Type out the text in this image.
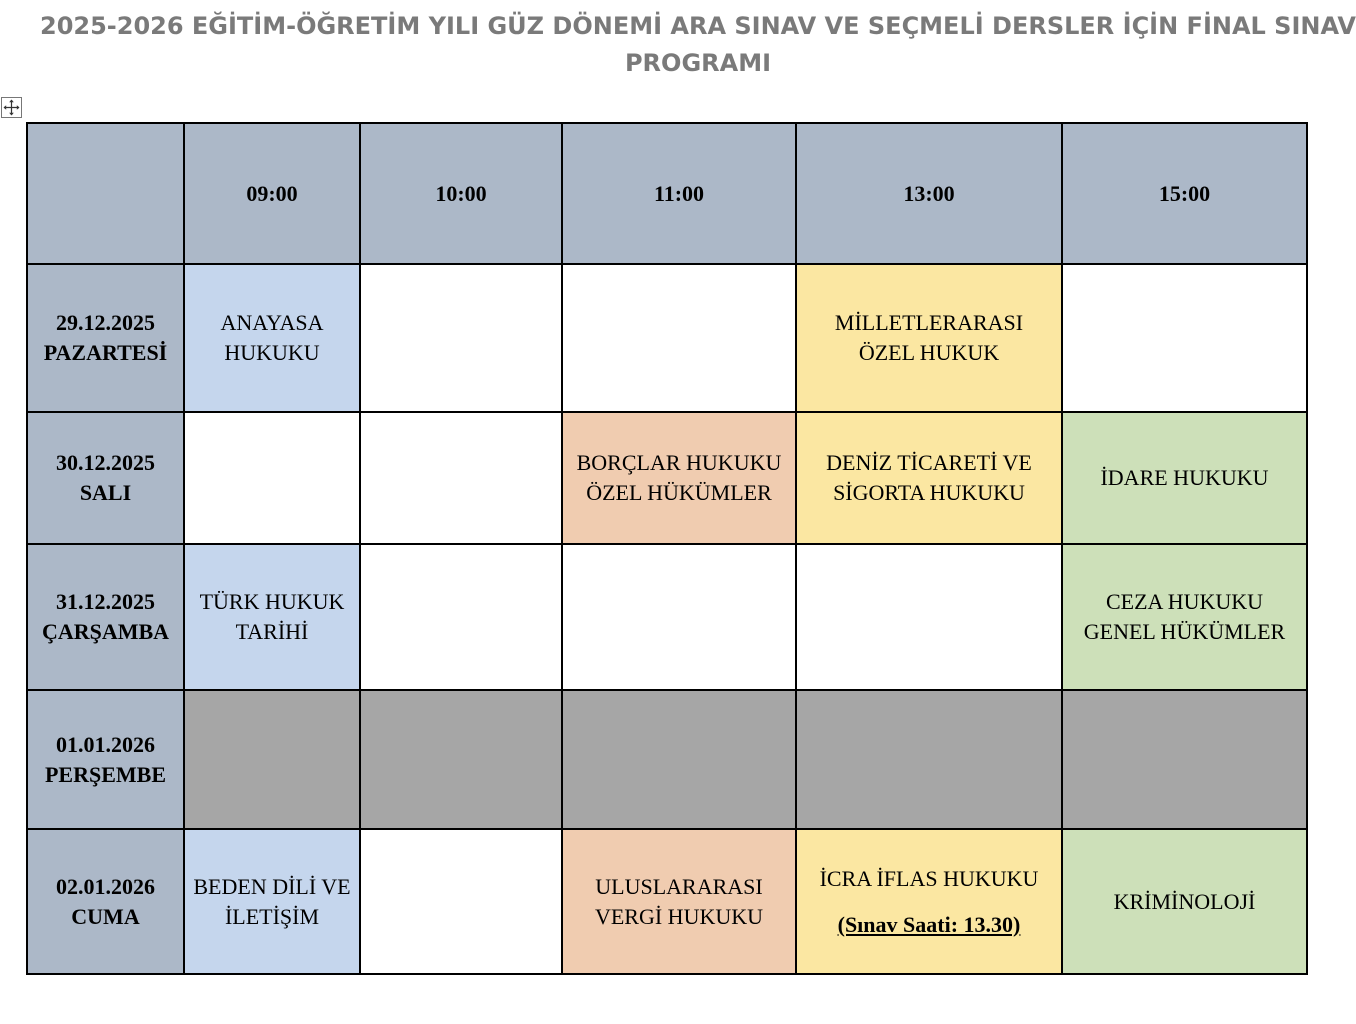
2025-2026 EĞİTİM-ÖĞRETİM YILI GÜZ DÖNEMİ ARA SINAV VE SEÇMELİ DERSLER İÇİN FİNAL SINAV
PROGRAMI
	09:00	10:00	11:00	13:00	15:00

29.12.2025
PAZARTESİ	ANAYASA HUKUKU			MİLLETLERARASI ÖZEL HUKUK	

30.12.2025
SALI			BORÇLAR HUKUKU ÖZEL HÜKÜMLER	DENİZ TİCARETİ VE SİGORTA HUKUKU	İDARE HUKUKU

31.12.2025
ÇARŞAMBA	TÜRK HUKUK TARİHİ				CEZA HUKUKU GENEL HÜKÜMLER

01.01.2026
PERŞEMBE					

02.01.2026
CUMA	BEDEN DİLİ VE İLETİŞİM		ULUSLARARASI VERGİ HUKUKU	İCRA İFLAS HUKUKU
(Sınav Saati: 13.30)	KRİMİNOLOJİ
